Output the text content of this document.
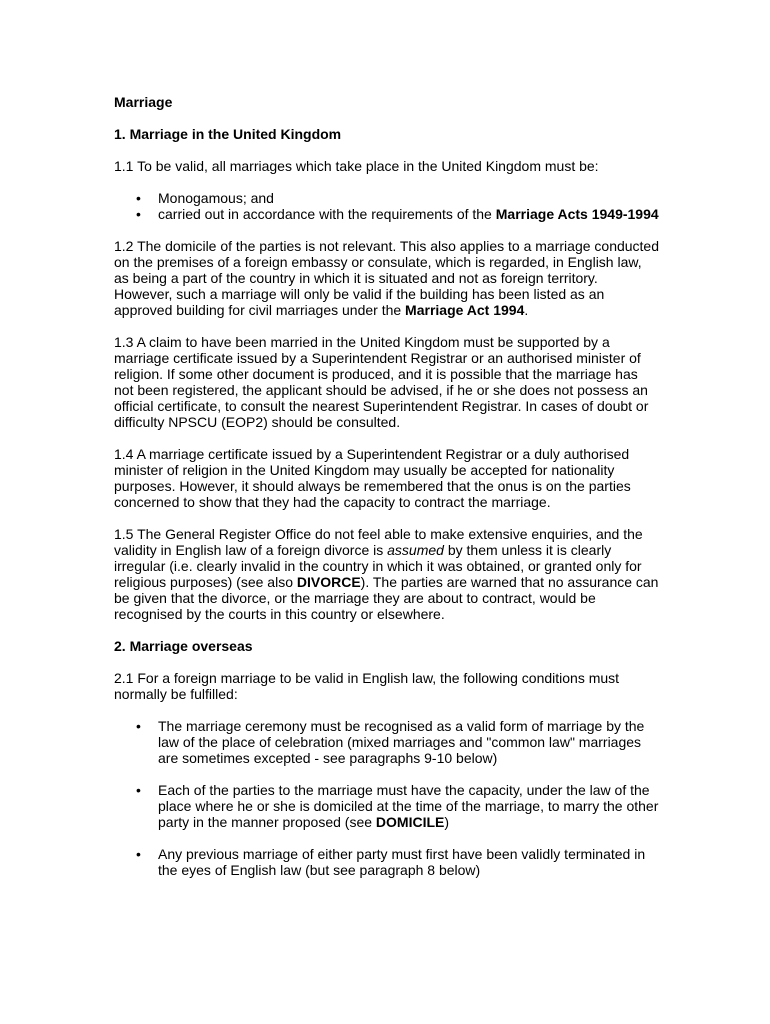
Marriage

1. Marriage in the United Kingdom

1.1 To be valid, all marriages which take place in the United Kingdom must be:

• Monogamous; and
• carried out in accordance with the requirements of the Marriage Acts 1949-1994

1.2 The domicile of the parties is not relevant. This also applies to a marriage conducted on the premises of a foreign embassy or consulate, which is regarded, in English law, as being a part of the country in which it is situated and not as foreign territory. However, such a marriage will only be valid if the building has been listed as an approved building for civil marriages under the Marriage Act 1994.

1.3 A claim to have been married in the United Kingdom must be supported by a marriage certificate issued by a Superintendent Registrar or an authorised minister of religion. If some other document is produced, and it is possible that the marriage has not been registered, the applicant should be advised, if he or she does not possess an official certificate, to consult the nearest Superintendent Registrar. In cases of doubt or difficulty NPSCU (EOP2) should be consulted.

1.4 A marriage certificate issued by a Superintendent Registrar or a duly authorised minister of religion in the United Kingdom may usually be accepted for nationality purposes. However, it should always be remembered that the onus is on the parties concerned to show that they had the capacity to contract the marriage.

1.5 The General Register Office do not feel able to make extensive enquiries, and the validity in English law of a foreign divorce is assumed by them unless it is clearly irregular (i.e. clearly invalid in the country in which it was obtained, or granted only for religious purposes) (see also DIVORCE). The parties are warned that no assurance can be given that the divorce, or the marriage they are about to contract, would be recognised by the courts in this country or elsewhere.

2. Marriage overseas

2.1 For a foreign marriage to be valid in English law, the following conditions must normally be fulfilled:

• The marriage ceremony must be recognised as a valid form of marriage by the law of the place of celebration (mixed marriages and "common law" marriages are sometimes excepted - see paragraphs 9-10 below)
• Each of the parties to the marriage must have the capacity, under the law of the place where he or she is domiciled at the time of the marriage, to marry the other party in the manner proposed (see DOMICILE)
• Any previous marriage of either party must first have been validly terminated in the eyes of English law (but see paragraph 8 below)
